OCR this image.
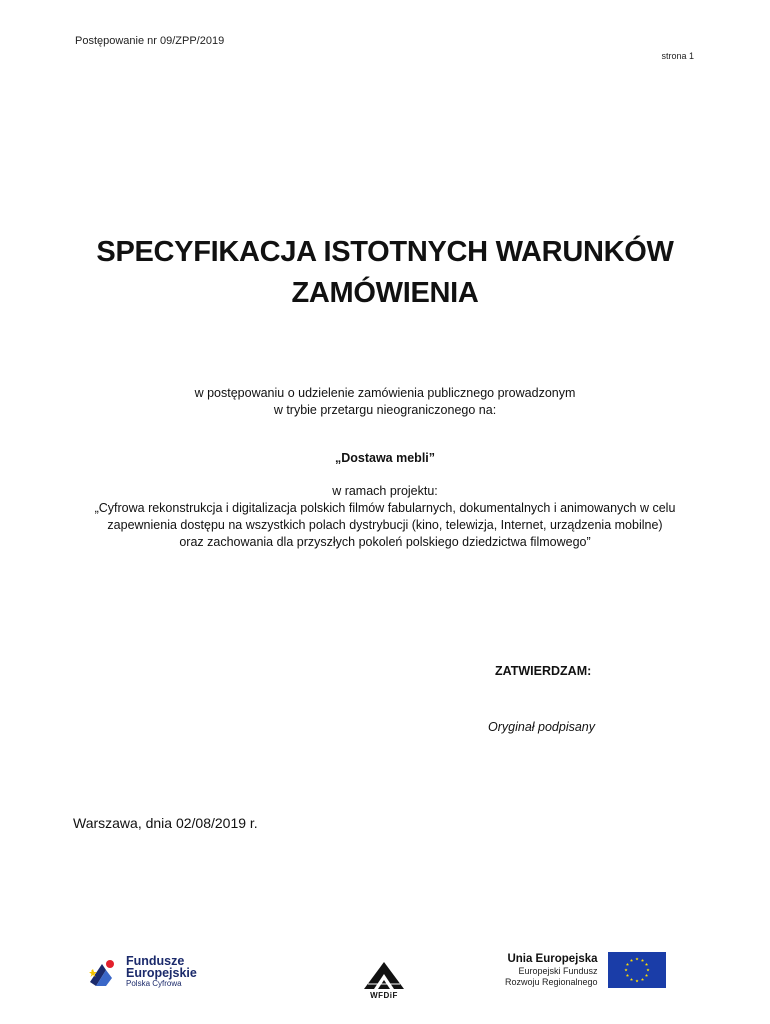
Postępowanie nr 09/ZPP/2019
strona 1
SPECYFIKACJA ISTOTNYCH WARUNKÓW
ZAMÓWIENIA
w postępowaniu o udzielenie zamówienia publicznego prowadzonym
w trybie przetargu nieograniczonego na:
„Dostawa mebli”
w ramach projektu:
„Cyfrowa rekonstrukcja i digitalizacja polskich filmów fabularnych, dokumentalnych i animowanych w celu
zapewnienia dostępu na wszystkich polach dystrybucji (kino, telewizja, Internet, urządzenia mobilne)
oraz zachowania dla przyszłych pokoleń polskiego dziedzictwa filmowego”
ZATWIERDZAM:
Oryginał podpisany
Warszawa, dnia 02/08/2019 r.
Fundusze
Europejskie
Polska Cyfrowa
WFDiF
Unia Europejska
Europejski Fundusz
Rozwoju Regionalnego
